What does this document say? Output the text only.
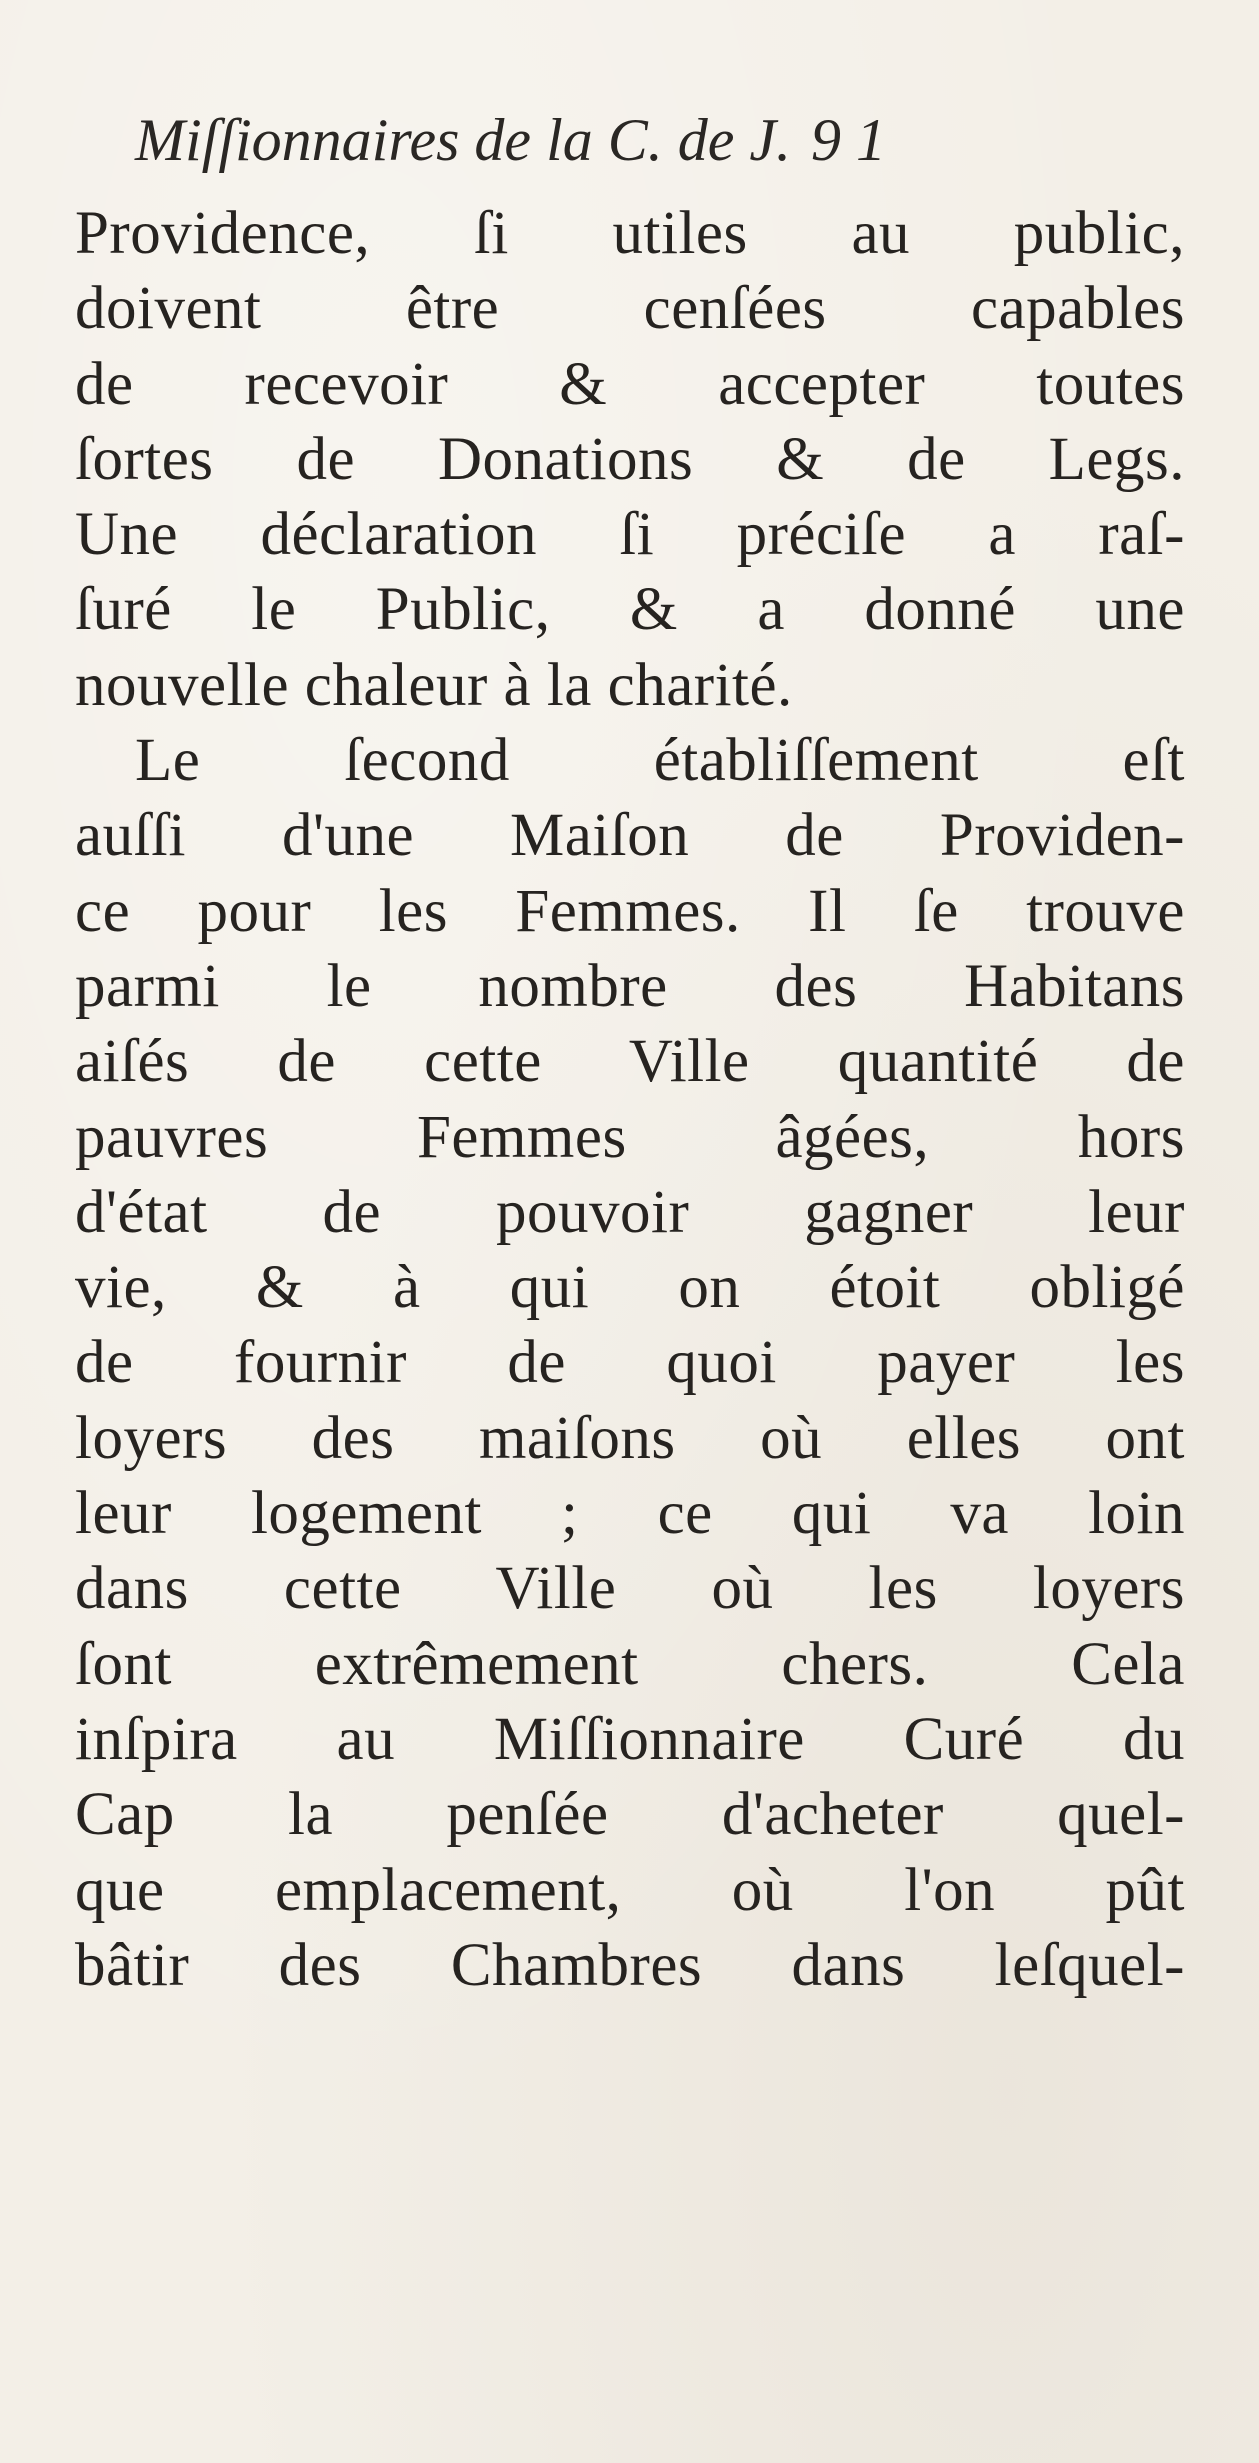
Miſſionnaires de la C. de J. 9 1
Providence, ſi utiles au public,
doivent être cenſées capables
de recevoir & accepter toutes
ſortes de Donations & de Legs.
Une déclaration ſi préciſe a raſ-
ſuré le Public, & a donné une
nouvelle chaleur à la charité.
Le ſecond établiſſement eſt
auſſi d'une Maiſon de Providen-
ce pour les Femmes. Il ſe trouve
parmi le nombre des Habitans
aiſés de cette Ville quantité de
pauvres Femmes âgées, hors
d'état de pouvoir gagner leur
vie, & à qui on étoit obligé
de fournir de quoi payer les
loyers des maiſons où elles ont
leur logement ; ce qui va loin
dans cette Ville où les loyers
ſont extrêmement chers. Cela
inſpira au Miſſionnaire Curé du
Cap la penſée d'acheter quel-
que emplacement, où l'on pût
bâtir des Chambres dans leſquel-
